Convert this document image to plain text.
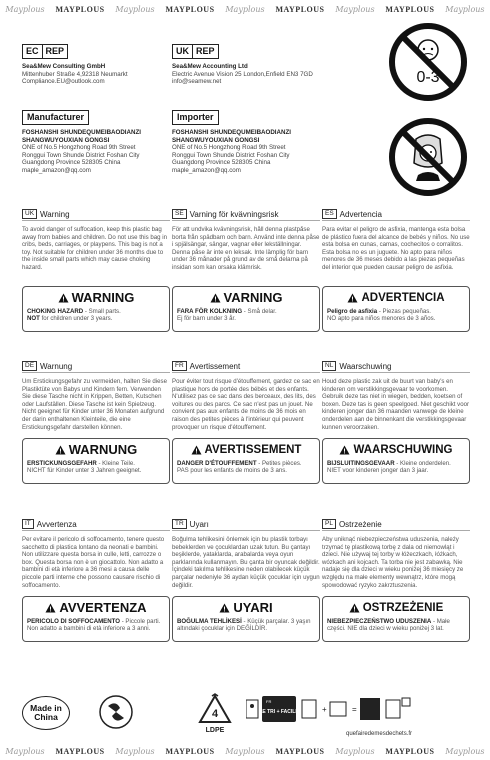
Mayplous MAYPLOUS Mayplous MAYPLOUS Mayplous MAYPLOUS Mayplous MAYPLOUS Mayplous
EC REP
Sea&Mew Consulting GmbH
Mittenhuber Straße 4,92318 Neumarkt
Compliance.EU@outlook.com
UK REP
Sea&Mew Accounting Ltd
Electric Avenue Vision 25 London,Enfield EN3 7GD
info@seamew.net
Manufacturer
FOSHANSHI SHUNDEQUMEIBAODIANZI
SHANGWUYOUXIAN GONGSI
ONE of No.5 Hongzhong Road 9th Street
Ronggui Town Shunde District Foshan City
Guangdong Province 528305 China
maple_amazon@qq.com
Importer
FOSHANSHI SHUNDEQUMEIBAODIANZI
SHANGWUYOUXIAN GONGSI
ONE of No.5 Hongzhong Road 9th Street
Ronggui Town Shunde District Foshan City
Guangdong Province 528305 China
maple_amazon@qq.com
0-3
UK Warning
To avoid danger of suffocation, keep this plastic bag away from babies and children. Do not use this bag in cribs, beds, carriages, or playpens. This bag is not a toy. Not suitable for children under 36 months due to the inside small parts which may cause choking hazard.
WARNING
CHOKING HAZARD - Small parts.
NOT for children under 3 years.
SE Varning för kvävningsrisk
För att undvika kvävningsrisk, håll denna plastpåse borta från spädbarn och barn. Använd inte denna påse i spjälsängar, sängar, vagnar eller lekställningar. Denna påse är inte en leksak. Inte lämplig för barn under 36 månader på grund av de små delarna på insidan som kan orsaka klämrisk.
VARNING
FARA FÖR KOLKNING - Små delar.
Ej för barn under 3 år.
ES Advertencia
Para evitar el peligro de asfixia, mantenga esta bolsa de plástico fuera del alcance de bebés y niños. No use esta bolsa en cunas, camas, cochecitos o corralitos. Esta bolsa no es un juguete. No apto para niños menores de 36 meses debido a las piezas pequeñas del interior que pueden causar peligro de asfixia.
ADVERTENCIA
Peligro de asfixia - Piezas pequeñas.
NO apto para niños menores de 3 años.
DE Warnung
Um Erstickungsgefahr zu vermeiden, halten Sie diese Plastiktüte von Babys und Kindern fern. Verwenden Sie diese Tasche nicht in Krippen, Betten, Kutschen oder Laufställen. Diese Tasche ist kein Spielzeug. Nicht geeignet für Kinder unter 36 Monaten aufgrund der darin enthaltenen Kleinteile, die eine Erstickungsgefahr darstellen können.
WARNUNG
ERSTICKUNGSGEFAHR - Kleine Teile.
NICHT für Kinder unter 3 Jahren geeignet.
FR Avertissement
Pour éviter tout risque d'étouffement, gardez ce sac en plastique hors de portée des bébés et des enfants. N'utilisez pas ce sac dans des berceaux, des lits, des voitures ou des parcs. Ce sac n'est pas un jouet. Ne convient pas aux enfants de moins de 36 mois en raison des petites pièces à l'intérieur qui peuvent provoquer un risque d'étouffement.
AVERTISSEMENT
DANGER D'ÉTOUFFEMENT - Petites pièces. PAS pour les enfants de moins de 3 ans.

NL Waarschuwing
Houd deze plastic zak uit de buurt van baby's en kinderen om verstikkingsgevaar te voorkomen. Gebruik deze tas niet in wiegen, bedden, koetsen of boxen. Deze tas is geen speelgoed. Niet geschikt voor kinderen jonger dan 36 maanden vanwege de kleine onderdelen aan de binnenkant die verstikkingsgevaar kunnen veroorzaken.
WAARSCHUWING
BIJSLUITINGSGEVAAR - Kleine onderdelen. NIET voor kinderen jonger dan 3 jaar.

IT Avvertenza
Per evitare il pericolo di soffocamento, tenere questo sacchetto di plastica lontano da neonati e bambini. Non utilizzare questa borsa in culle, letti, carrozze o box. Questa borsa non è un giocattolo. Non adatto a bambini di età inferiore a 36 mesi a causa delle piccole parti interne che possono causare rischio di soffocamento.
AVVERTENZA
PERICOLO DI SOFFOCAMENTO - Piccole parti. Non adatto a bambini di età inferiore a 3 anni.

TR Uyarı
Boğulma tehlikesini önlemek için bu plastik torbayı bebeklerden ve çocuklardan uzak tutun. Bu çantayı beşiklerde, yataklarda, arabalarda veya oyun parklarında kullanmayın. Bu çanta bir oyuncak değildir. İçindeki takılma tehlikesine neden olabilecek küçük parçalar nedeniyle 36 aydan küçük çocuklar için uygun değildir.
UYARI
BOĞULMA TEHLİKESİ - Küçük parçalar. 3 yaşın altındaki çocuklar için DEĞİLDİR.

PL Ostrzeżenie
Aby uniknąć niebezpieczeństwa uduszenia, należy trzymać tę plastikową torbę z dala od niemowląt i dzieci. Nie używaj tej torby w łóżeczkach, łóżkach, wózkach ani kojcach. Ta torba nie jest zabawką. Nie nadaje się dla dzieci w wieku poniżej 36 miesięcy ze względu na małe elementy wewnątrz, które mogą spowodować ryzyko zakrztuszenia.
OSTRZEŻENIE
NIEBEZPIECZEŃSTWO UDUSZENIA - Małe części. NIE dla dzieci w wieku poniżej 3 lat.

Made in
China	4
LDPE
FR
LE TRI + FACILE	+	=
quefairedemesdechets.fr
Mayplous MAYPLOUS Mayplous MAYPLOUS Mayplous MAYPLOUS Mayplous MAYPLOUS Mayplous
